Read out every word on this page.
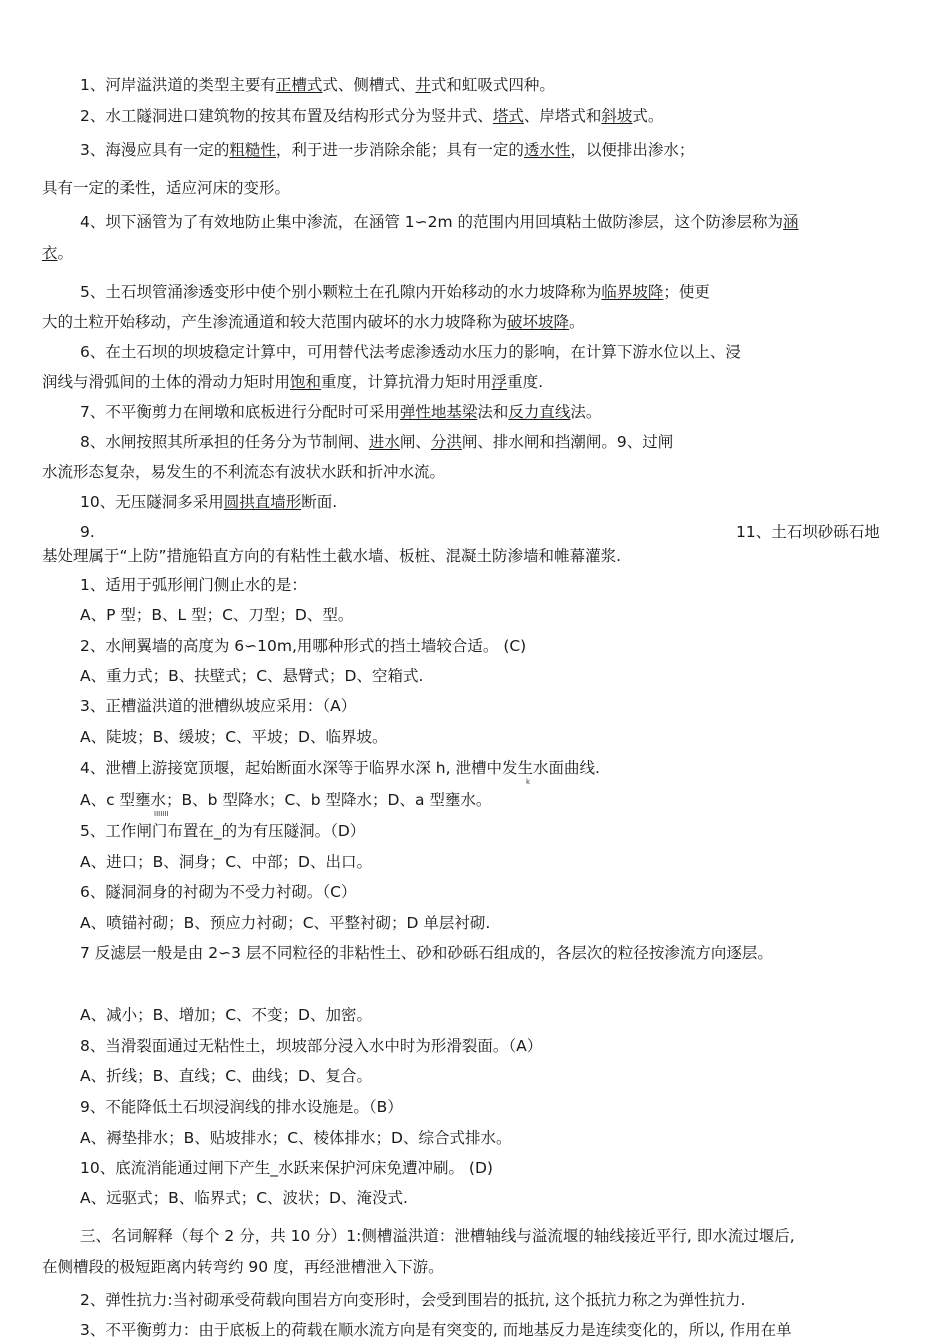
1、河岸溢洪道的类型主要有正槽式式、侧槽式、井式和虹吸式四种。
2、水工隧洞进口建筑物的按其布置及结构形式分为竖井式、塔式、岸塔式和斜坡式。
3、海漫应具有一定的粗糙性，利于进一步消除余能；具有一定的透水性，以便排出渗水；
具有一定的柔性，适应河床的变形。
4、坝下涵管为了有效地防止集中渗流，在涵管 1∽2m 的范围内用回填粘土做防渗层，这个防渗层称为涵
衣。
5、土石坝管涌渗透变形中使个别小颗粒土在孔隙内开始移动的水力坡降称为临界坡降；使更
大的土粒开始移动，产生渗流通道和较大范围内破坏的水力坡降称为破坏坡降。
6、在土石坝的坝坡稳定计算中，可用替代法考虑渗透动水压力的影响，在计算下游水位以上、浸
润线与滑弧间的土体的滑动力矩时用饱和重度，计算抗滑力矩时用浮重度.
7、不平衡剪力在闸墩和底板进行分配时可采用弹性地基梁法和反力直线法。
8、水闸按照其所承担的任务分为节制闸、进水闸、分洪闸、排水闸和挡潮闸。9、过闸
水流形态复杂，易发生的不利流态有波状水跃和折冲水流。
10、无压隧洞多采用圆拱直墙形断面.
9.	11、土石坝砂砾石地
基处理属于“上防”措施铅直方向的有粘性土截水墙、板桩、混凝土防渗墙和帷幕灌浆.
1、适用于弧形闸门侧止水的是：
A、P 型；B、L 型；C、刀型；D、型。
2、水闸翼墙的高度为 6∽10m,用哪种形式的挡土墙较合适。 (C)
A、重力式；B、扶壁式；C、悬臂式；D、空箱式.
3、正槽溢洪道的泄槽纵坡应采用：（A）
A、陡坡；B、缓坡；C、平坡；D、临界坡。
4、泄槽上游接宽顶堰，起始断面水深等于临界水深 h, 泄槽中发生水面曲线.
k
A、c 型壅水；B、b 型降水；C、b 型降水；D、a 型壅水。
IIIIIII
5、工作闸门布置在_的为有压隧洞。（D）
A、进口；B、洞身；C、中部；D、出口。
6、隧洞洞身的衬砌为不受力衬砌。（C）
A、喷锚衬砌；B、预应力衬砌；C、平整衬砌；D 单层衬砌.
7 反滤层一般是由 2∽3 层不同粒径的非粘性土、砂和砂砾石组成的，各层次的粒径按渗流方向逐层。
A、减小；B、增加；C、不变；D、加密。
8、当滑裂面通过无粘性土，坝坡部分浸入水中时为形滑裂面。（A）
A、折线；B、直线；C、曲线；D、复合。
9、不能降低土石坝浸润线的排水设施是。（B）
A、褥垫排水；B、贴坡排水；C、棱体排水；D、综合式排水。
10、底流消能通过闸下产生_水跃来保护河床免遭冲刷。 (D)
A、远驱式；B、临界式；C、波状；D、淹没式.
三、名词解释（每个 2 分，共 10 分）1:侧槽溢洪道：泄槽轴线与溢流堰的轴线接近平行, 即水流过堰后,
在侧槽段的极短距离内转弯约 90 度，再经泄槽泄入下游。
2、弹性抗力:当衬砌承受荷载向围岩方向变形时，会受到围岩的抵抗, 这个抵抗力称之为弹性抗力.
3、不平衡剪力：由于底板上的荷载在顺水流方向是有突变的, 而地基反力是连续变化的，所以, 作用在单
